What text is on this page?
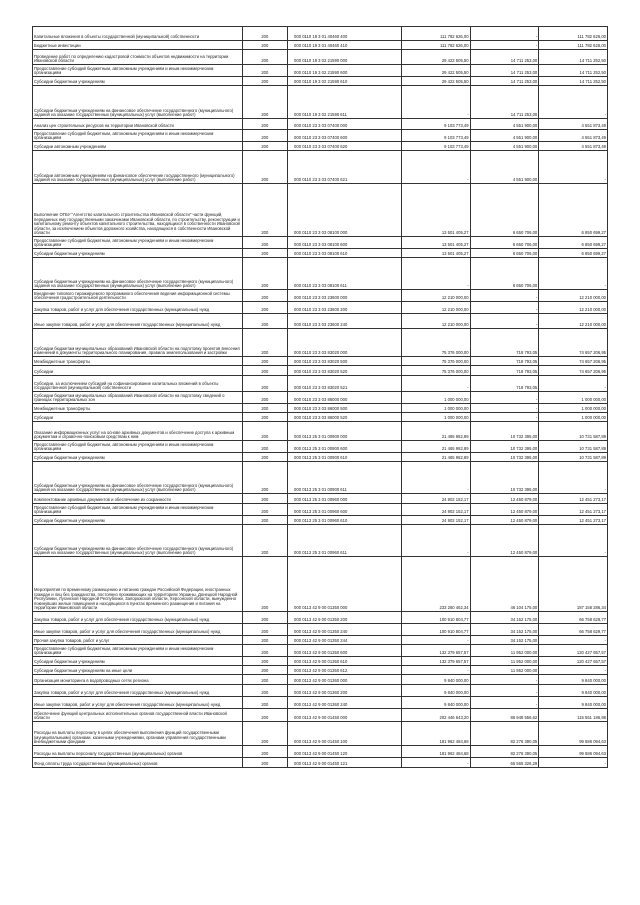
Капитальные вложения в объекты государственной (муниципальной) собственности	200	000 0110 19 3 01 40460 400	111 782 626,00	-	111 782 626,00
Бюджетные инвестиции	200	000 0110 19 3 01 40460 410	111 782 626,00	-	111 782 626,00
Проведение работ по определению кадастровой стоимости объектов недвижимости на территории Ивановской области	200	000 0110 19 3 02 21590 000	29 422 505,50	14 711 253,00	14 711 252,50
Предоставление субсидий бюджетным, автономным учреждениям и иным некоммерческим организациям	200	000 0110 19 3 02 21590 600	29 422 505,50	14 711 253,00	14 711 252,50
Субсидии бюджетным учреждениям	200	000 0110 19 3 02 21590 610	29 422 505,50	14 711 253,00	14 711 252,50
Субсидии бюджетным учреждениям на финансовое обеспечение государственного (муниципального) задания на оказание государственных (муниципальных) услуг (выполнение работ)	200	000 0110 19 3 02 21590 611	-	14 711 253,00	-
Анализ цен строительных ресурсов на территории Ивановской области	200	000 0110 23 3 03 07400 000	9 103 773,49	4 551 900,00	4 551 873,49
Предоставление субсидий бюджетным, автономным учреждениям и иным некоммерческим организациям	200	000 0110 23 3 03 07400 600	9 103 773,49	4 551 900,00	4 551 873,49
Субсидии автономным учреждениям	200	000 0110 23 3 03 07400 620	9 103 773,49	4 551 900,00	4 551 873,49
Субсидии автономным учреждениям на финансовое обеспечение государственного (муниципального) задания на оказание государственных (муниципальных) услуг (выполнение работ)	200	000 0110 23 3 03 07400 621	-	4 551 900,00	-
Выполнение ОГБУ "Агентство капитального строительства Ивановской области" части функций, переданных ему государственными заказчиками Ивановской области, по строительству, реконструкции и капитальному ремонту объектов капитального строительства, находящихся в собственности Ивановской области, за исключением объектов дорожного хозяйства, находящихся в собственности Ивановской области	200	000 0110 23 3 03 08100 000	13 501 405,27	6 650 706,00	6 850 699,27
Предоставление субсидий бюджетным, автономным учреждениям и иным некоммерческим организациям	200	000 0110 23 3 03 08100 600	13 501 405,27	6 650 706,00	6 850 699,27
Субсидии бюджетным учреждениям	200	000 0110 23 3 03 08100 610	13 501 405,27	6 650 706,00	6 850 699,27
Субсидии бюджетным учреждениям на финансовое обеспечение государственного (муниципального) задания на оказание государственных (муниципальных) услуг (выполнение работ)	200	000 0110 23 3 03 08100 611	-	6 650 706,00	-
Внедрение типового тиражируемого программного обеспечения ведения информационной системы обеспечения градостроительной деятельности	200	000 0110 23 3 03 23600 000	12 210 000,00	-	12 210 000,00
Закупка товаров, работ и услуг для обеспечения государственных (муниципальных) нужд	200	000 0110 23 3 03 23600 200	12 210 000,00	-	12 210 000,00
Иные закупки товаров, работ и услуг для обеспечения государственных (муниципальных) нужд	200	000 0110 23 3 03 23600 240	12 210 000,00	-	12 210 000,00
Субсидии бюджетам муниципальных образований Ивановской области на подготовку проектов внесения изменений в документы территориального планирования, правила землепользования и застройки	200	000 0110 23 3 03 83020 000	75 376 000,00	718 793,05	74 657 206,95
Межбюджетные трансферты	200	000 0110 23 3 03 83020 500	75 376 000,00	718 793,05	74 657 206,95
Субсидии	200	000 0110 23 3 03 83020 520	75 376 000,00	718 793,05	74 657 206,95
Субсидии, за исключением субсидий на софинансирование капитальных вложений в объекты государственной (муниципальной) собственности	200	000 0110 23 3 03 83020 521	-	718 793,05	-
Субсидии бюджетам муниципальных образований Ивановской области на подготовку сведений о границах территориальных зон	200	000 0110 23 3 03 86000 000	1 000 000,00	-	1 000 000,00
Межбюджетные трансферты	200	000 0110 23 3 03 86000 500	1 000 000,00	-	1 000 000,00
Субсидии	200	000 0110 23 3 03 86000 520	1 000 000,00	-	1 000 000,00
Оказание информационных услуг на основе архивных документов и обеспечение доступа к архивным документам и справочно-поисковым средствам к ним	200	000 0113 25 3 01 00900 000	21 465 982,89	10 732 395,00	10 731 587,89
Предоставление субсидий бюджетным, автономным учреждениям и иным некоммерческим организациям	200	000 0113 25 3 01 00900 600	21 465 982,89	10 732 395,00	10 731 587,89
Субсидии бюджетным учреждениям	200	000 0113 25 3 01 00900 610	21 465 982,89	10 732 395,00	10 731 587,89
Субсидии бюджетным учреждениям на финансовое обеспечение государственного (муниципального) задания на оказание государственных (муниципальных) услуг (выполнение работ)	200	000 0113 25 3 01 00900 611	-	10 732 395,00	-
Комплектование архивных документов и обеспечение их сохранности	200	000 0113 25 3 01 00960 000	24 902 152,17	12 450 879,00	12 451 273,17
Предоставление субсидий бюджетным, автономным учреждениям и иным некоммерческим организациям	200	000 0113 25 3 01 00960 600	24 902 152,17	12 450 879,00	12 451 273,17
Субсидии бюджетным учреждениям	200	000 0113 25 3 01 00960 610	24 902 152,17	12 450 879,00	12 451 273,17
Субсидии бюджетным учреждениям на финансовое обеспечение государственного (муниципального) задания на оказание государственных (муниципальных) услуг (выполнение работ)	200	000 0113 25 3 01 00960 611	-	12 450 879,00	-
Мероприятия по временному размещению и питанию граждан Российской Федерации, иностранных граждан и лиц без гражданства, постоянно проживающих на территориях Украины, Донецкой Народной Республики, Луганской Народной Республики, Запорожской области, Херсонской области, вынужденно покинувших жилые помещения и находящихся в пунктах временного размещения и питания на территории Ивановской области	200	000 0113 42 9 00 01350 000	233 260 462,34	46 104 175,00	187 156 286,34
Закупка товаров, работ и услуг для обеспечения государственных (муниципальных) нужд	200	000 0113 42 9 00 01350 200	100 910 804,77	34 152 175,00	66 758 629,77
Иные закупки товаров, работ и услуг для обеспечения государственных (муниципальных) нужд	200	000 0113 42 9 00 01350 240	100 910 804,77	34 152 175,00	66 758 629,77
Прочая закупка товаров, работ и услуг	200	000 0113 42 9 00 01350 244	-	34 152 175,00	-
Предоставление субсидий бюджетным, автономным учреждениям и иным некоммерческим организациям	200	000 0113 42 9 00 01350 600	132 379 657,57	11 952 000,00	120 427 657,57
Субсидии бюджетным учреждениям	200	000 0113 42 9 00 01350 610	132 379 657,57	11 952 000,00	120 427 657,57
Субсидии бюджетным учреждениям на иные цели	200	000 0113 42 9 00 01350 612	-	11 952 000,00	-
Организация мониторинга в водопроводных сетях региона	200	000 0113 42 9 00 01360 000	9 840 000,00	-	9 840 000,00
Закупка товаров, работ и услуг для обеспечения государственных (муниципальных) нужд	200	000 0113 42 9 00 01360 200	9 840 000,00	-	9 840 000,00
Иные закупки товаров, работ и услуг для обеспечения государственных (муниципальных) нужд	200	000 0113 42 9 00 01360 240	9 840 000,00	-	9 840 000,00
Обеспечение функций центральных исполнительных органов государственной власти Ивановской области	200	000 0113 42 9 00 01450 000	202 446 643,20	86 948 556,62	115 551 186,98
Расходы на выплаты персоналу в целях обеспечения выполнения функций государственными (муниципальными) органами, казенными учреждениями, органами управления государственными внебюджетными фондами	200	000 0113 42 9 00 01450 100	181 962 484,68	82 276 390,05	99 686 094,63
Расходы на выплаты персоналу государственных (муниципальных) органов	200	000 0113 42 9 00 01450 120	181 962 484,68	82 276 390,05	99 686 094,63
Фонд оплаты труда государственных (муниципальных) органов	200	000 0113 42 9 00 01450 121	-	65 565 326,29	-
